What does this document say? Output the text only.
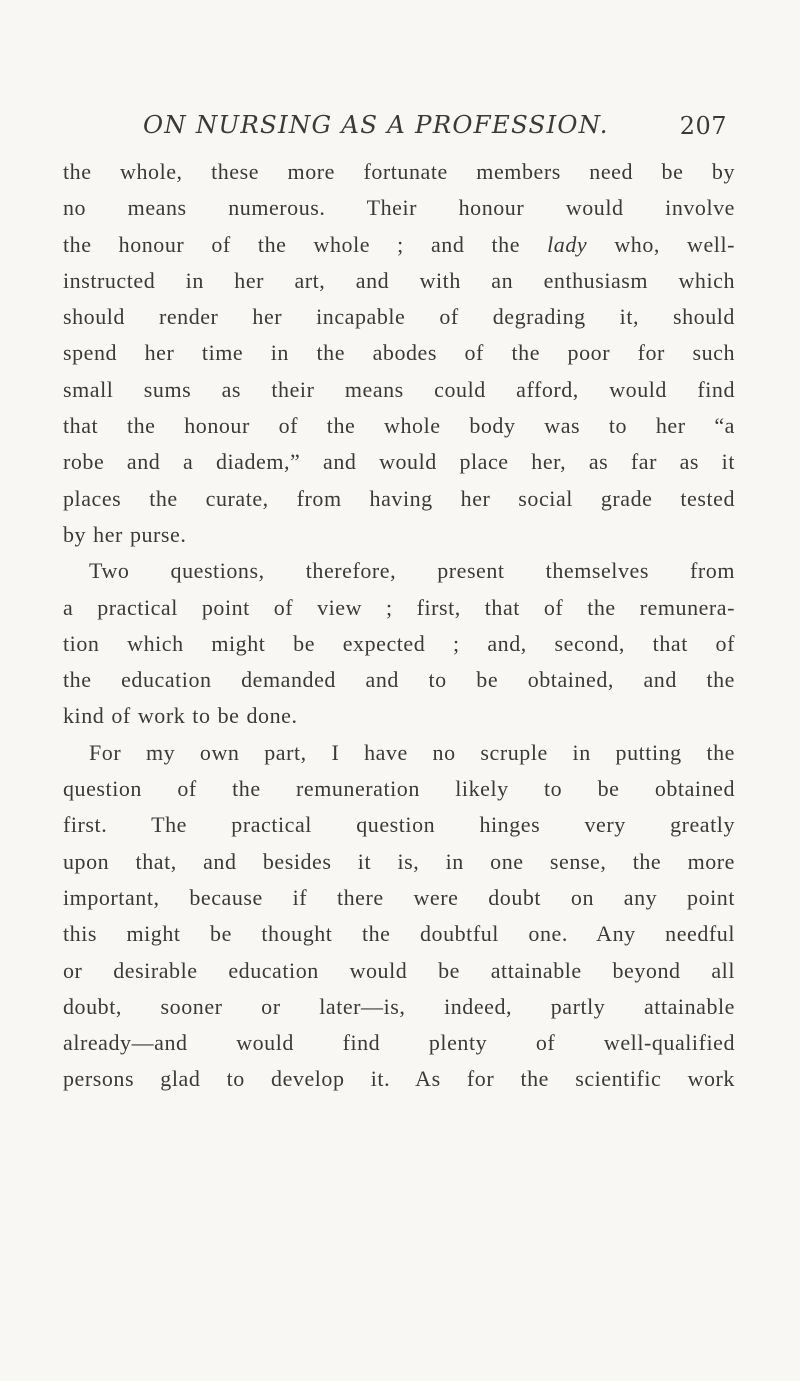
ON NURSING AS A PROFESSION.	207
the whole, these more fortunate members need be by
no means numerous. Their honour would involve
the honour of the whole ; and the lady who, well-
instructed in her art, and with an enthusiasm which
should render her incapable of degrading it, should
spend her time in the abodes of the poor for such
small sums as their means could afford, would find
that the honour of the whole body was to her “a
robe and a diadem,” and would place her, as far as it
places the curate, from having her social grade tested
by her purse.
Two questions, therefore, present themselves from
a practical point of view ; first, that of the remunera-
tion which might be expected ; and, second, that of
the education demanded and to be obtained, and the
kind of work to be done.
For my own part, I have no scruple in putting the
question of the remuneration likely to be obtained
first. The practical question hinges very greatly
upon that, and besides it is, in one sense, the more
important, because if there were doubt on any point
this might be thought the doubtful one. Any needful
or desirable education would be attainable beyond all
doubt, sooner or later—is, indeed, partly attainable
already—and would find plenty of well-qualified
persons glad to develop it. As for the scientific work
